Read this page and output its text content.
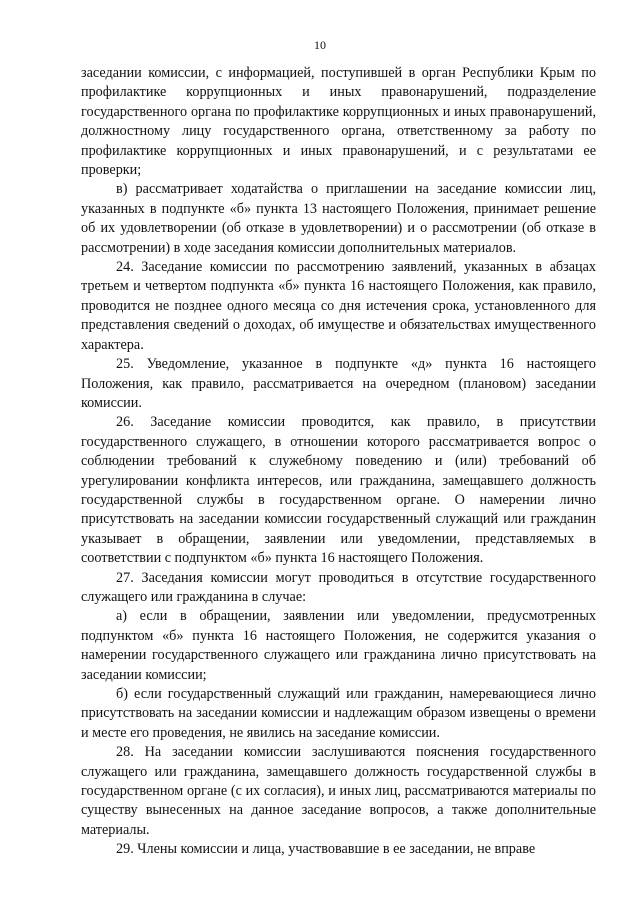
10

заседании комиссии, с информацией, поступившей в орган Республики Крым по профилактике коррупционных и иных правонарушений, подразделение государственного органа по профилактике коррупционных и иных правонарушений, должностному лицу государственного органа, ответственному за работу по профилактике коррупционных и иных правонарушений, и с результатами ее проверки;

в) рассматривает ходатайства о приглашении на заседание комиссии лиц, указанных в подпункте «б» пункта 13 настоящего Положения, принимает решение об их удовлетворении (об отказе в удовлетворении) и о рассмотрении (об отказе в рассмотрении) в ходе заседания комиссии дополнительных материалов.

24. Заседание комиссии по рассмотрению заявлений, указанных в абзацах третьем и четвертом подпункта «б» пункта 16 настоящего Положения, как правило, проводится не позднее одного месяца со дня истечения срока, установленного для представления сведений о доходах, об имуществе и обязательствах имущественного характера.

25. Уведомление, указанное в подпункте «д» пункта 16 настоящего Положения, как правило, рассматривается на очередном (плановом) заседании комиссии.

26. Заседание комиссии проводится, как правило, в присутствии государственного служащего, в отношении которого рассматривается вопрос о соблюдении требований к служебному поведению и (или) требований об урегулировании конфликта интересов, или гражданина, замещавшего должность государственной службы в государственном органе. О намерении лично присутствовать на заседании комиссии государственный служащий или гражданин указывает в обращении, заявлении или уведомлении, представляемых в соответствии с подпунктом «б» пункта 16 настоящего Положения.

27. Заседания комиссии могут проводиться в отсутствие государственного служащего или гражданина в случае:

а) если в обращении, заявлении или уведомлении, предусмотренных подпунктом «б» пункта 16 настоящего Положения, не содержится указания о намерении государственного служащего или гражданина лично присутствовать на заседании комиссии;

б) если государственный служащий или гражданин, намеревающиеся лично присутствовать на заседании комиссии и надлежащим образом извещены о времени и месте его проведения, не явились на заседание комиссии.

28. На заседании комиссии заслушиваются пояснения государственного служащего или гражданина, замещавшего должность государственной службы в государственном органе (с их согласия), и иных лиц, рассматриваются материалы по существу вынесенных на данное заседание вопросов, а также дополнительные материалы.

29. Члены комиссии и лица, участвовавшие в ее заседании, не вправе
